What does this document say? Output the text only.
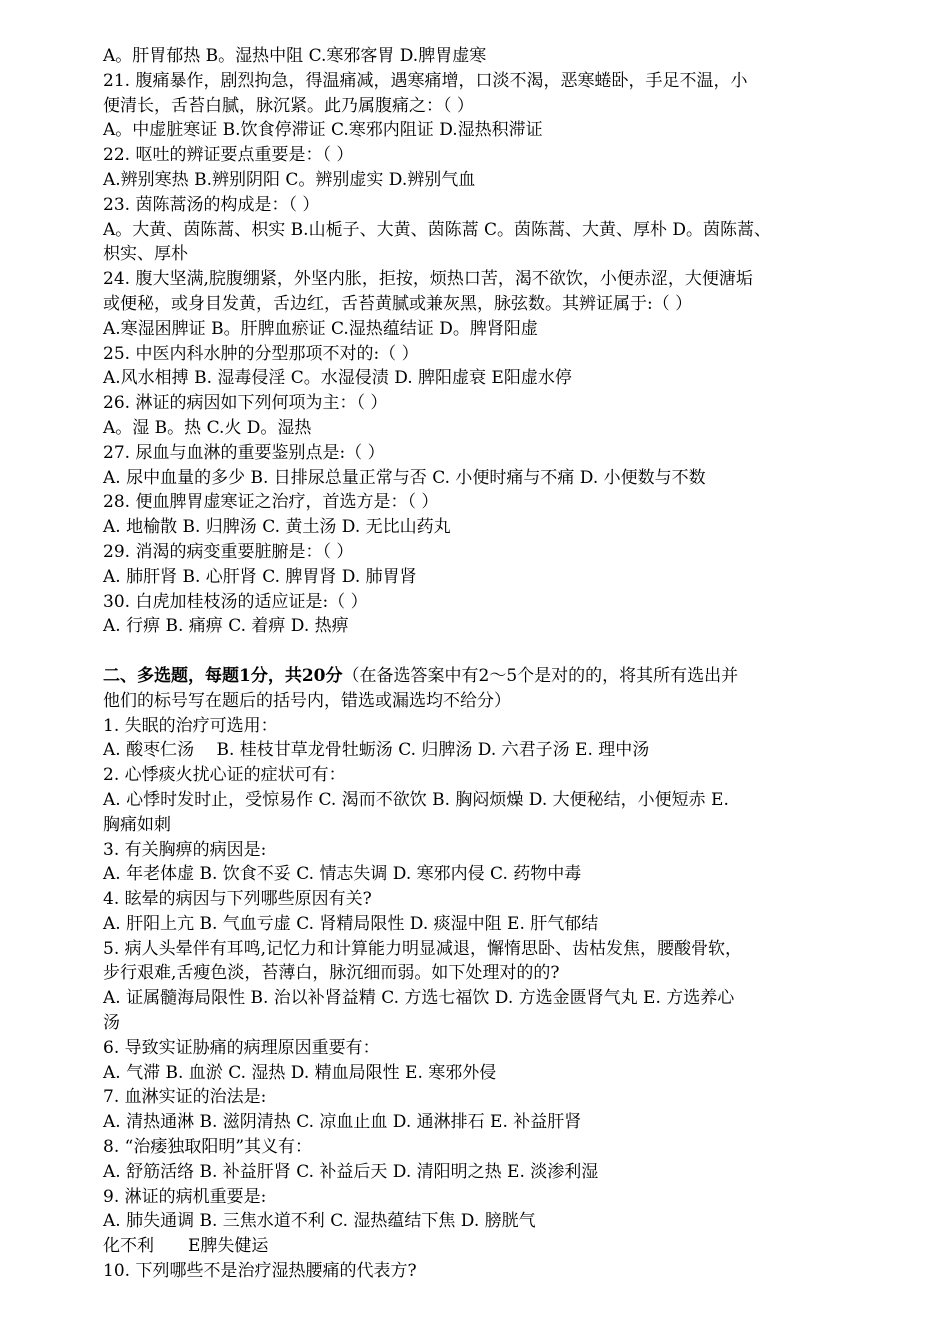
A。肝胃郁热 B。湿热中阻 C.寒邪客胃 D.脾胃虚寒
21. 腹痛暴作，剧烈拘急，得温痛减，遇寒痛增，口淡不渴，恶寒蜷卧，手足不温，小
便清长，舌苔白腻，脉沉紧。此乃属腹痛之：（ ）
A。中虚脏寒证 B.饮食停滞证 C.寒邪内阻证 D.湿热积滞证
22. 呕吐的辨证要点重要是：（ ）
A.辨别寒热 B.辨别阴阳 C。辨别虚实 D.辨别气血
23. 茵陈蒿汤的构成是：（ ）
A。大黄、茵陈蒿、枳实 B.山栀子、大黄、茵陈蒿 C。茵陈蒿、大黄、厚朴 D。茵陈蒿、
枳实、厚朴
24. 腹大坚满,脘腹绷紧，外坚内胀，拒按，烦热口苦，渴不欲饮，小便赤涩，大便溏垢
或便秘，或身目发黄，舌边红，舌苔黄腻或兼灰黑，脉弦数。其辨证属于:（ ）
A.寒湿困脾证 B。肝脾血瘀证 C.湿热蕴结证 D。脾肾阳虚
25. 中医内科水肿的分型那项不对的:（ ）
A.风水相搏 B. 湿毒侵淫 C。水湿侵渍 D. 脾阳虚衰 E阳虚水停
26. 淋证的病因如下列何项为主：（ ）
A。湿 B。热 C.火 D。湿热
27. 尿血与血淋的重要鉴别点是:（ ）
A. 尿中血量的多少 B. 日排尿总量正常与否 C. 小便时痛与不痛 D. 小便数与不数
28. 便血脾胃虚寒证之治疗，首选方是：（ ）
A. 地榆散 B. 归脾汤 C. 黄土汤 D. 无比山药丸
29. 消渴的病变重要脏腑是：（ ）
A. 肺肝肾 B. 心肝肾 C. 脾胃肾 D. 肺胃肾
30. 白虎加桂枝汤的适应证是:（ ）
A. 行痹 B. 痛痹 C. 着痹 D. 热痹
二、多选题，每题1分，共20分（在备选答案中有2～5个是对的的，将其所有选出并
他们的标号写在题后的括号内，错选或漏选均不给分）
1. 失眠的治疗可选用：
A. 酸枣仁汤　 B. 桂枝甘草龙骨牡蛎汤 C. 归脾汤 D. 六君子汤 E. 理中汤
2. 心悸痰火扰心证的症状可有：
A. 心悸时发时止，受惊易作 C. 渴而不欲饮 B. 胸闷烦燥 D. 大便秘结，小便短赤 E.
胸痛如刺
3. 有关胸痹的病因是:
A. 年老体虚 B. 饮食不妥 C. 情志失调 D. 寒邪内侵 C. 药物中毒
4. 眩晕的病因与下列哪些原因有关?
A. 肝阳上亢 B. 气血亏虚 C. 肾精局限性 D. 痰湿中阻 E. 肝气郁结
5. 病人头晕伴有耳鸣,记忆力和计算能力明显减退，懈惰思卧、齿枯发焦，腰酸骨软，
步行艰难,舌瘦色淡，苔薄白，脉沉细而弱。如下处理对的的?
A. 证属髓海局限性 B. 治以补肾益精 C. 方选七福饮 D. 方选金匮肾气丸 E. 方选养心
汤
6. 导致实证胁痛的病理原因重要有：
A. 气滞 B. 血淤 C. 湿热 D. 精血局限性 E. 寒邪外侵
7. 血淋实证的治法是:
A. 清热通淋 B. 滋阴清热 C. 凉血止血 D. 通淋排石 E. 补益肝肾
8. “治痿独取阳明”其义有：
A. 舒筋活络 B. 补益肝肾 C. 补益后天 D. 清阳明之热 E. 淡渗利湿
9. 淋证的病机重要是:
A. 肺失通调 B. 三焦水道不利 C. 湿热蕴结下焦 D. 膀胱气
化不利　　E脾失健运
10. 下列哪些不是治疗湿热腰痛的代表方?
